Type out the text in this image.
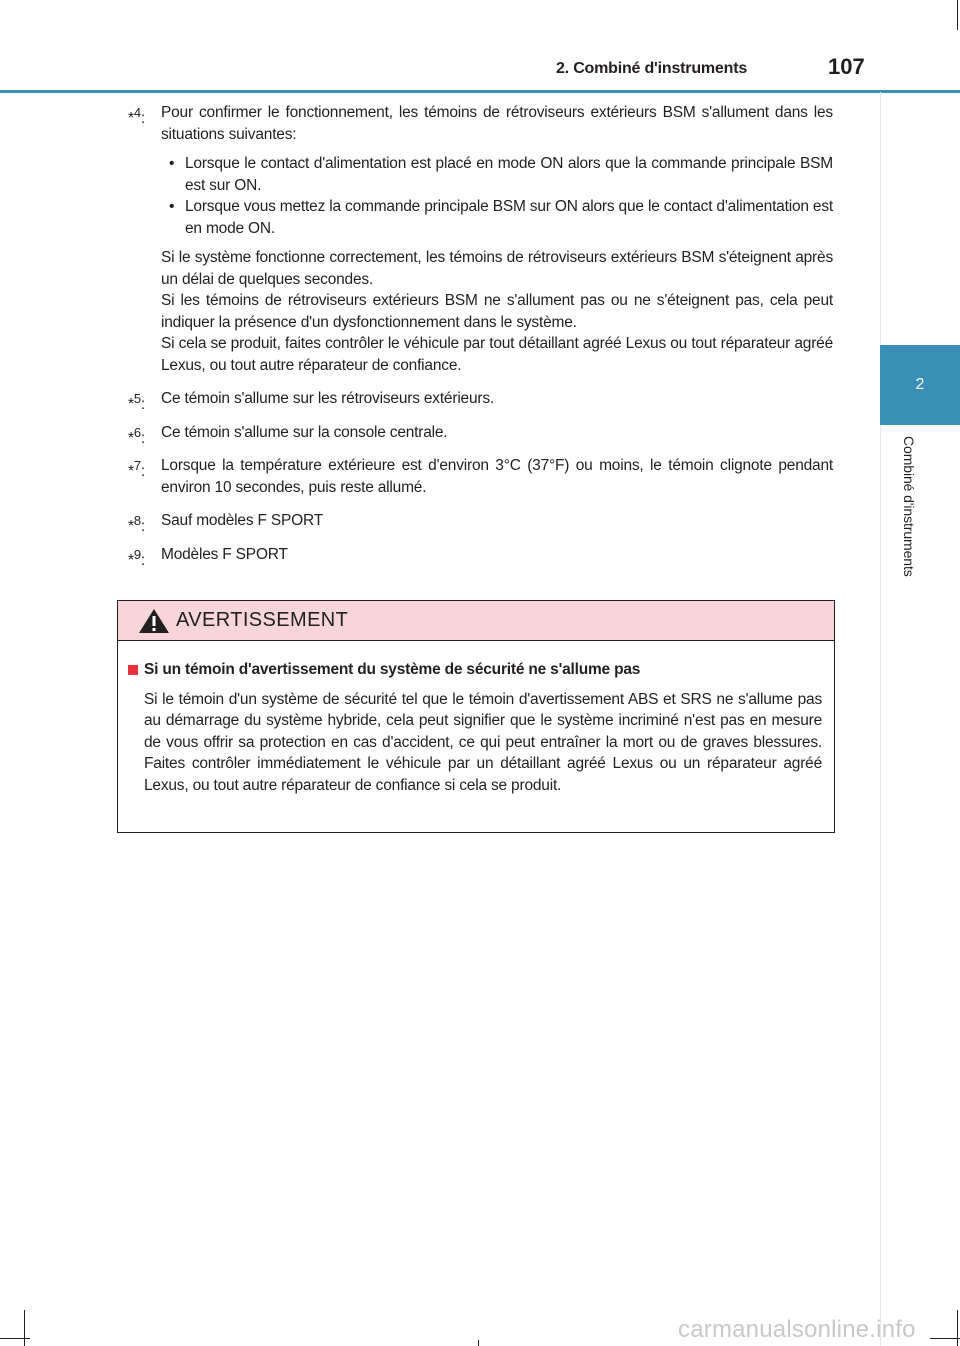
2. Combiné d'instruments	107
2
Combiné d'instruments
*$^4$: Pour confirmer le fonctionnement, les témoins de rétroviseurs extérieurs BSM s'allument dans les situations suivantes:

• Lorsque le contact d'alimentation est placé en mode ON alors que la commande principale BSM est sur ON.
• Lorsque vous mettez la commande principale BSM sur ON alors que le contact d'alimentation est en mode ON.

Si le système fonctionne correctement, les témoins de rétroviseurs extérieurs BSM s'éteignent après un délai de quelques secondes.

Si les témoins de rétroviseurs extérieurs BSM ne s'allument pas ou ne s'éteignent pas, cela peut indiquer la présence d'un dysfonctionnement dans le système.

Si cela se produit, faites contrôler le véhicule par tout détaillant agréé Lexus ou tout réparateur agréé Lexus, ou tout autre réparateur de confiance.

*$^5$: Ce témoin s'allume sur les rétroviseurs extérieurs.

*$^6$: Ce témoin s'allume sur la console centrale.

*$^7$: Lorsque la température extérieure est d'environ 3°C (37°F) ou moins, le témoin clignote pendant environ 10 secondes, puis reste allumé.

*$^8$: Sauf modèles F SPORT

*$^9$: Modèles F SPORT

AVERTISSEMENT
Si un témoin d'avertissement du système de sécurité ne s'allume pas
Si le témoin d'un système de sécurité tel que le témoin d'avertissement ABS et SRS ne s'allume pas au démarrage du système hybride, cela peut signifier que le système incriminé n'est pas en mesure de vous offrir sa protection en cas d'accident, ce qui peut entraîner la mort ou de graves blessures. Faites contrôler immédiatement le véhicule par un détaillant agréé Lexus ou un réparateur agréé Lexus, ou tout autre réparateur de confiance si cela se produit.
carmanualsonline.info
